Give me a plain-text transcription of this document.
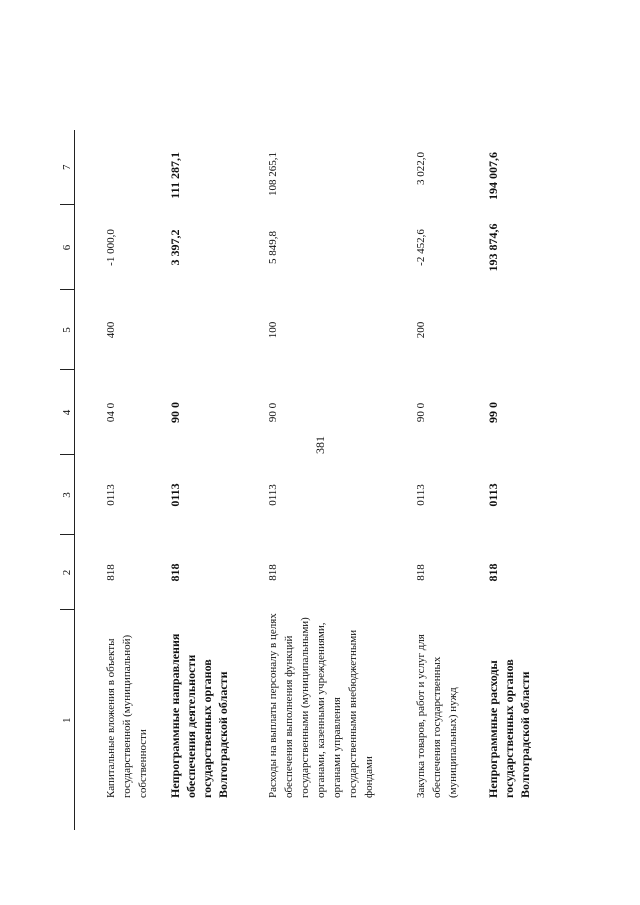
381
1	2	3	4	5	6	7
Капитальные вложения в объекты государственной (муниципальной) собственности	818	0113	04 0	400	-1 000,0	
Непрограммные направления обеспечения деятельности государственных органов Волгоградской области	818	0113	90 0		3 397,2	111 287,1
Расходы на выплаты персоналу в целях обеспечения выполнения функций государственными (муниципальными) органами, казенными учреждениями, органами управления государственными внебюджетными фондами	818	0113	90 0	100	5 849,8	108 265,1
Закупка товаров, работ и услуг для обеспечения государственных (муниципальных) нужд	818	0113	90 0	200	-2 452,6	3 022,0
Непрограммные расходы государственных органов Волгоградской области	818	0113	99 0		193 874,6	194 007,6
